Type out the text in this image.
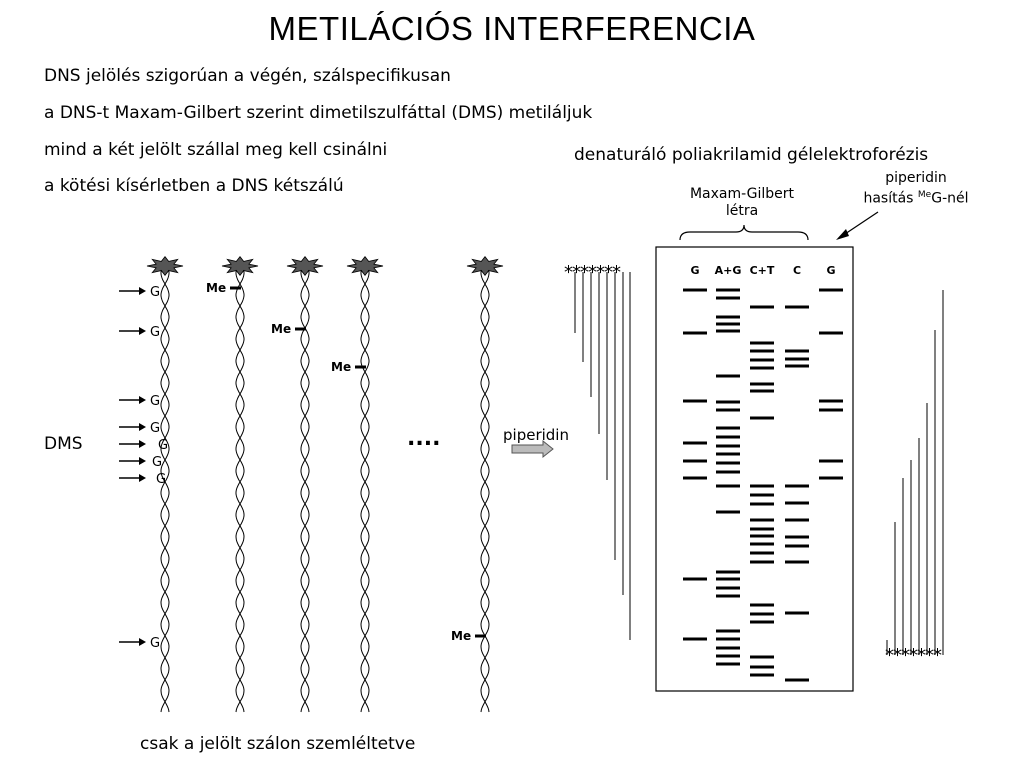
METILÁCIÓS INTERFERENCIA
DNS jelölés szigorúan a végén, szálspecifikusan
a DNS-t Maxam-Gilbert szerint dimetilszulfáttal (DMS) metiláljuk
mind a két jelölt szállal meg kell csinálni
a kötési kísérletben a DNS kétszálú
denaturáló poliakrilamid gélelektroforézis
Maxam-Gilbert
létra
piperidin
hasítás $^{Me}$G-nél
DMS	....	piperidin
csak a jelölt szálon szemléltetve
*******
*******
Me
Me
Me
Me
G
G
G
G
G
G
G
G
G A+G C+T C G
